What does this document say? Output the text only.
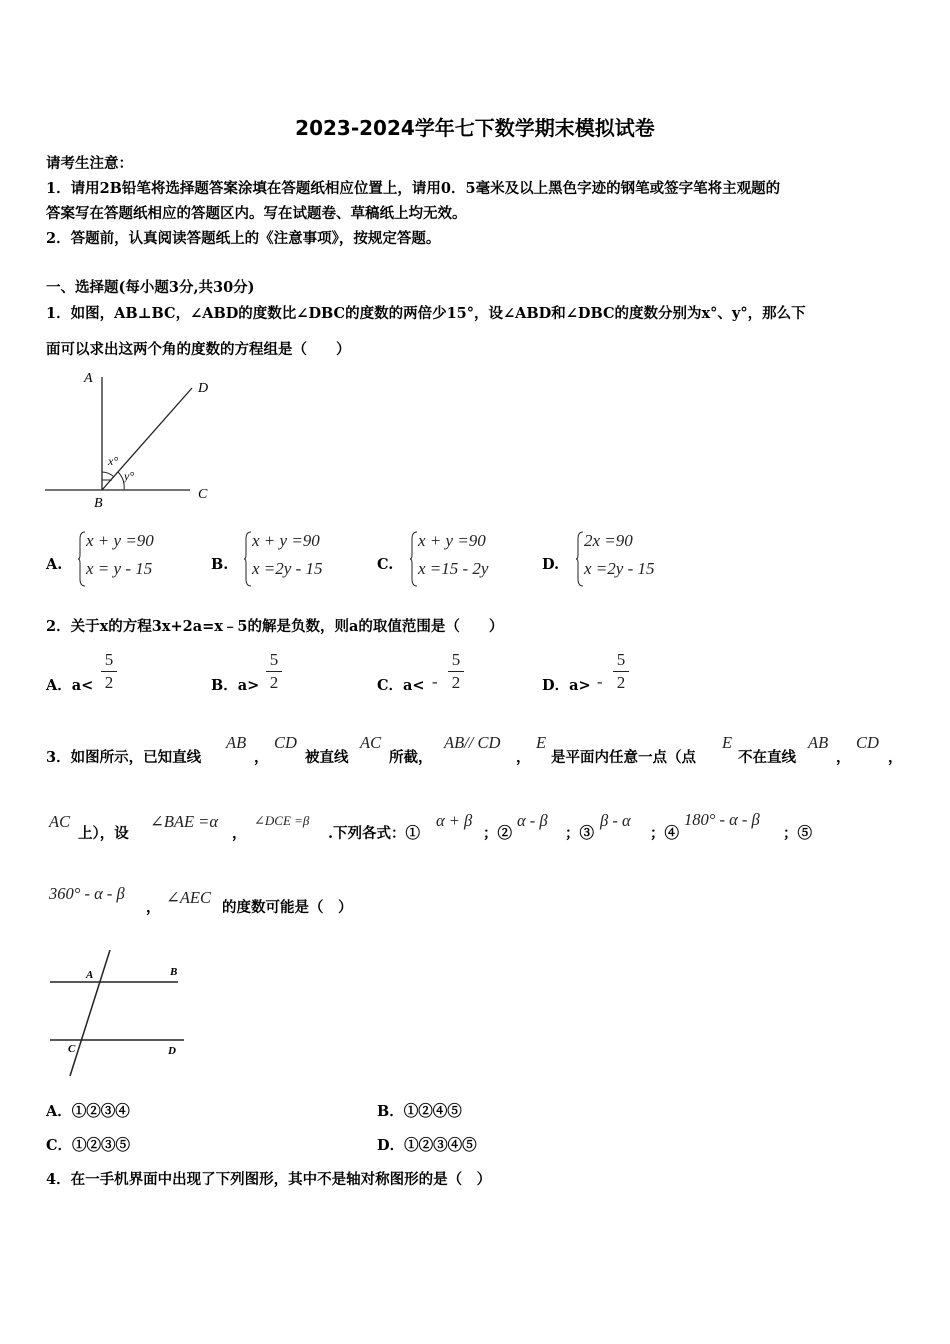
2023-2024学年七下数学期末模拟试卷
请考生注意：
1．请用2B铅笔将选择题答案涂填在答题纸相应位置上，请用0．5毫米及以上黑色字迹的钢笔或签字笔将主观题的
答案写在答题纸相应的答题区内。写在试题卷、草稿纸上均无效。
2．答题前，认真阅读答题纸上的《注意事项》，按规定答题。
一、选择题(每小题3分,共30分)
1．如图，AB⊥BC，∠ABD的度数比∠DBC的度数的两倍少15°，设∠ABD和∠DBC的度数分别为x°、y°，那么下
面可以求出这两个角的度数的方程组是（　　）
A
B
C
D
x°
y°
A.
x + y =90
x = y - 15	B.
x + y =90
x =2y - 15	C.
x + y =90
x =15 - 2y	D.
2x =90
x =2y - 15
2．关于x的方程3x+2a=x﹣5的解是负数，则a的取值范围是（　　）
A．$a< \frac{5}{2}$	B．$a> \frac{5}{2}$	C．$a< - \frac{5}{2}$	D．$a> - \frac{5}{2}$
3．如图所示，已知直线
AB
，
CD
被直线
AC
所截，
AB// CD
，
E
是平面内任意一点（点
E
不在直线
AB
，
CD
，
AC
上），设
∠BAE =α
，
∠DCE =β
.下列各式：①
α + β
；②
α - β
；③
β - α
；④
180° - α - β
；⑤
360° - α - β
，
∠AEC
的度数可能是（　）
A	B
C	D
A．①②③④	B．①②④⑤
C．①②③⑤	D．①②③④⑤
4．在一手机界面中出现了下列图形，其中不是轴对称图形的是（　）
